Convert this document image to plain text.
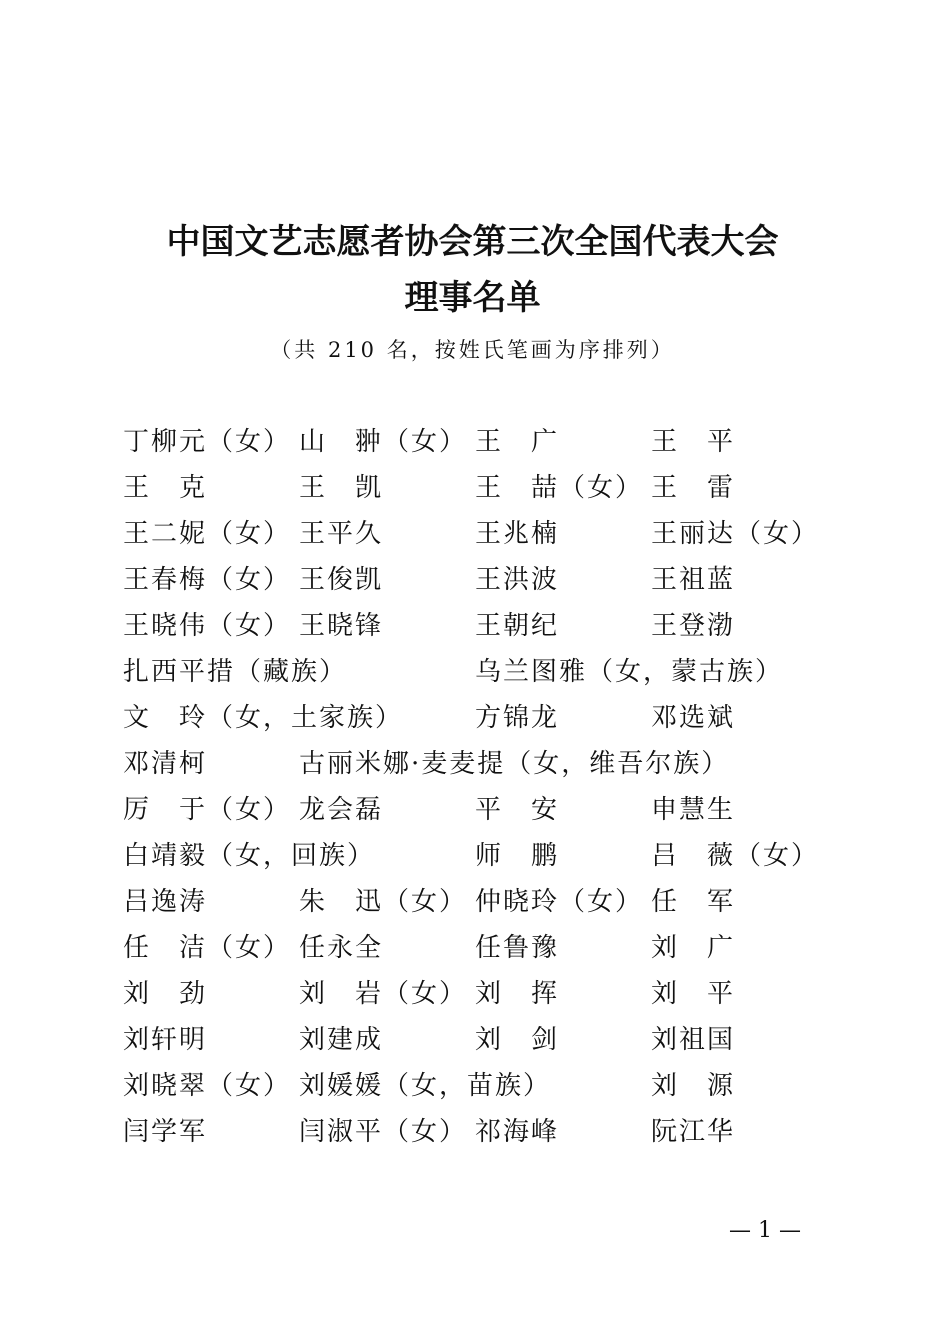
中国文艺志愿者协会第三次全国代表大会
理事名单
（共 210 名，按姓氏笔画为序排列）
丁柳元（女） 山　翀（女） 王　广	王　平
王　克	王　凯	王　喆（女） 王　雷
王二妮（女） 王平久	王兆楠	王丽达（女）
王春梅（女） 王俊凯	王洪波	王祖蓝
王晓伟（女） 王晓锋	王朝纪	王登渤
扎西平措（藏族）	乌兰图雅（女，蒙古族）
文　玲（女，土家族）	方锦龙	邓选斌
邓清柯	古丽米娜·麦麦提（女，维吾尔族）
厉　于（女） 龙会磊	平　安	申慧生
白靖毅（女，回族）	师　鹏	吕　薇（女）
吕逸涛	朱　迅（女） 仲晓玲（女） 任　军
任　洁（女） 任永全	任鲁豫	刘　广
刘　劲	刘　岩（女） 刘　挥	刘　平
刘轩明	刘建成	刘　剑	刘祖国
刘晓翠（女） 刘媛媛（女，苗族）	刘　源
闫学军	闫淑平（女） 祁海峰	阮江华
— 1 —
